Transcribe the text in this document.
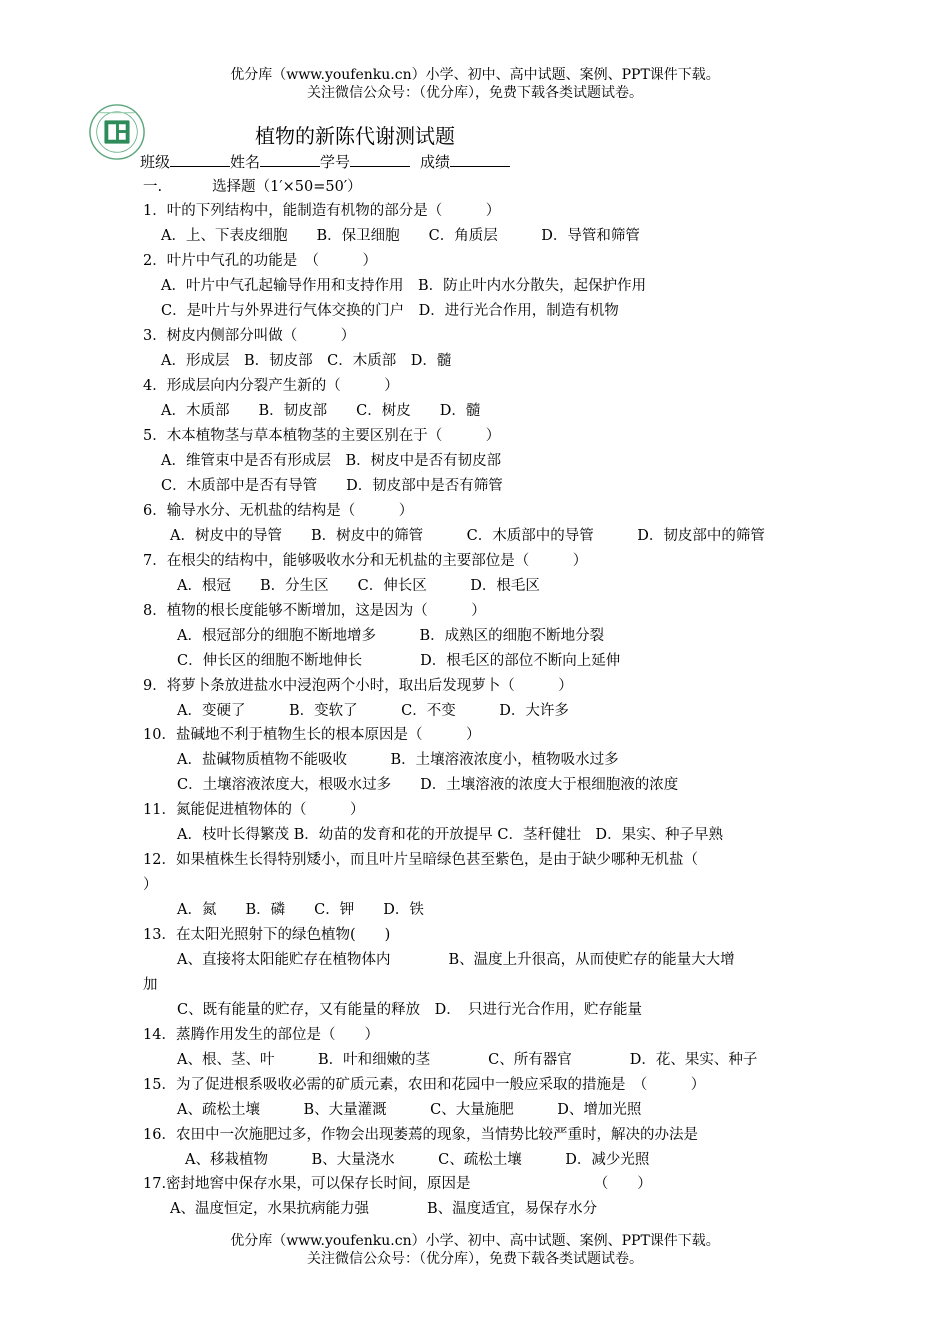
优分库（www.youfenku.cn）小学、初中、高中试题、案例、PPT课件下载。
关注微信公众号：（优分库），免费下载各类试题试卷。
植物的新陈代谢测试题
班级	姓名	学号	成绩
一.	选择题（1′×50=50′）
1．叶的下列结构中，能制造有机物的部分是（　　　）
A．上、下表皮细胞　　B．保卫细胞　　C．角质层　　　D．导管和筛管
2．叶片中气孔的功能是　（　　　）
A．叶片中气孔起输导作用和支持作用　B．防止叶内水分散失，起保护作用
C．是叶片与外界进行气体交换的门户　D．进行光合作用，制造有机物
3．树皮内侧部分叫做（　　　）
A．形成层　B．韧皮部　C．木质部　D．髓
4．形成层向内分裂产生新的（　　　）
A．木质部　　B．韧皮部　　C．树皮　　D．髓
5．木本植物茎与草本植物茎的主要区别在于（　　　）
A．维管束中是否有形成层　B．树皮中是否有韧皮部
C．木质部中是否有导管　　D．韧皮部中是否有筛管
6．输导水分、无机盐的结构是（　　　）
A．树皮中的导管　　B．树皮中的筛管　　　C．木质部中的导管　　　D．韧皮部中的筛管
7．在根尖的结构中，能够吸收水分和无机盐的主要部位是（　　　）
A．根冠　　B．分生区　　C．伸长区　　　D．根毛区
8．植物的根长度能够不断增加，这是因为（　　　）
A．根冠部分的细胞不断地增多　　　B．成熟区的细胞不断地分裂
C．伸长区的细胞不断地伸长　　　　D．根毛区的部位不断向上延伸
9．将萝卜条放进盐水中浸泡两个小时，取出后发现萝卜（　　　）
A．变硬了　　　B．变软了　　　C．不变　　　D．大许多
10．盐碱地不利于植物生长的根本原因是（　　　）
A．盐碱物质植物不能吸收　　　B．土壤溶液浓度小，植物吸水过多
C．土壤溶液浓度大，根吸水过多　　D．土壤溶液的浓度大于根细胞液的浓度
11．氮能促进植物体的（　　　）
A．枝叶长得繁茂 B．幼苗的发育和花的开放提早 C．茎秆健壮　D．果实、种子早熟
12．如果植株生长得特别矮小，而且叶片呈暗绿色甚至紫色，是由于缺少哪种无机盐（
）
A．氮　　B．磷　　C．钾　　D．铁
13．在太阳光照射下的绿色植物(　　)
A、直接将太阳能贮存在植物体内　　　　B、温度上升很高，从而使贮存的能量大大增
加
C、既有能量的贮存，又有能量的释放　D．　只进行光合作用，贮存能量
14．蒸腾作用发生的部位是（　　）
A、根、茎、叶　　　B．叶和细嫩的茎　　　　C、所有器官　　　　D．花、果实、种子
15．为了促进根系吸收必需的矿质元素，农田和花园中一般应采取的措施是　（　　　）
A、疏松土壤　　　B、大量灌溉　　　C、大量施肥　　　D、增加光照
16．农田中一次施肥过多，作物会出现萎蔫的现象，当情势比较严重时，解决的办法是
A、移栽植物　　　B、大量浇水　　　C、疏松土壤　　　D．减少光照
17.密封地窖中保存水果，可以保存长时间，原因是　　　　　　　　　（　　）
A、温度恒定，水果抗病能力强　　　　B、温度适宜，易保存水分
优分库（www.youfenku.cn）小学、初中、高中试题、案例、PPT课件下载。
关注微信公众号：（优分库），免费下载各类试题试卷。
